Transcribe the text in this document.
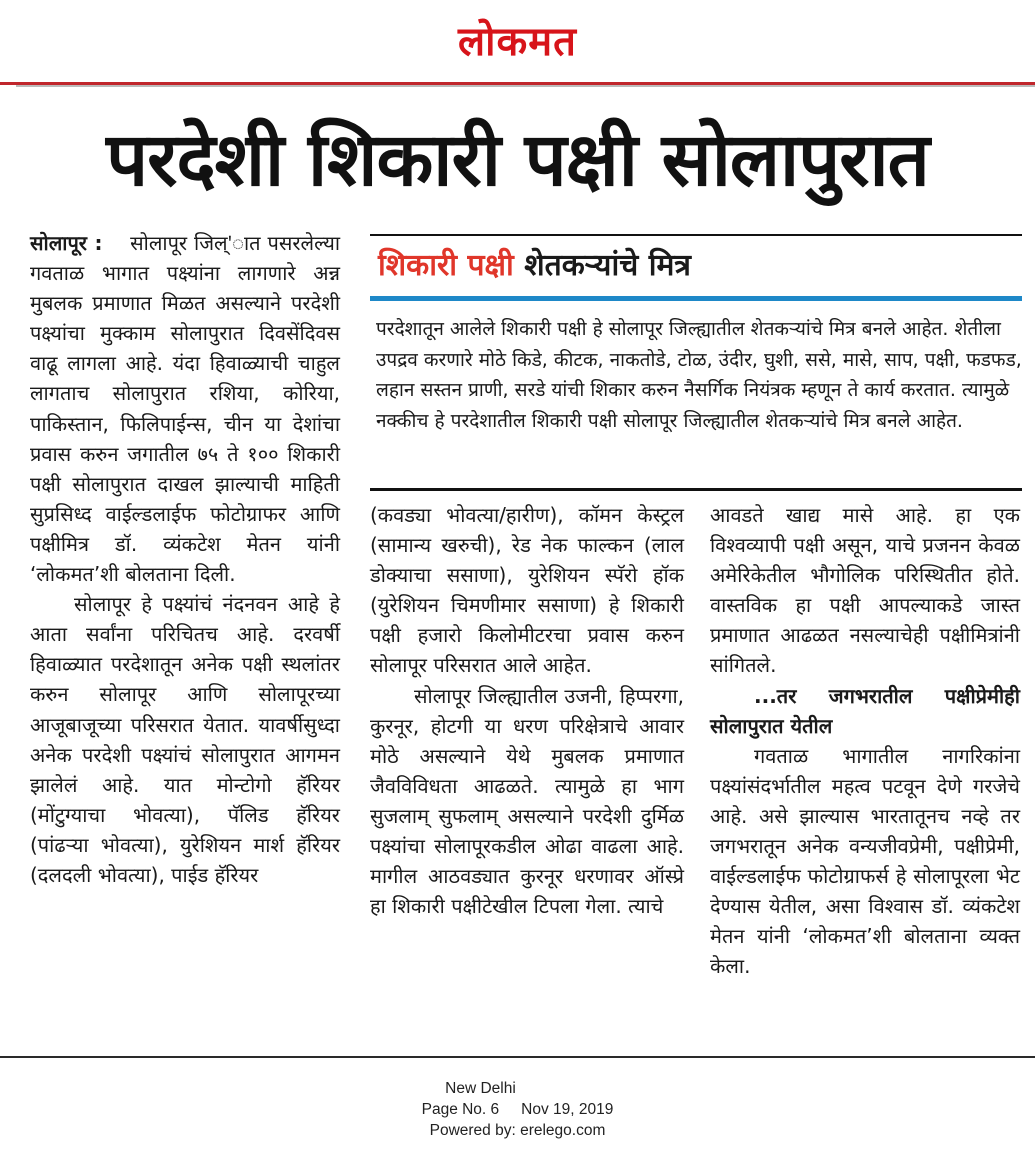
लोकमत
परदेशी शिकारी पक्षी सोलापुरात

सोलापूर : सोलापूर जिल्'ात पसरलेल्या गवताळ भागात पक्ष्यांना लागणारे अन्न मुबलक प्रमाणात मिळत असल्याने परदेशी पक्ष्यांचा मुक्काम सोलापुरात दिवसेंदिवस वाढू लागला आहे. यंदा हिवाळ्याची चाहुल लागताच सोलापुरात रशिया, कोरिया, पाकिस्तान, फिलिपाईन्स, चीन या देशांचा प्रवास करुन जगातील ७५ ते १०० शिकारी पक्षी सोलापुरात दाखल झाल्याची माहिती सुप्रसिध्द वाईल्डलाईफ फोटोग्राफर आणि पक्षीमित्र डॉ. व्यंकटेश मेतन यांनी ‘लोकमत’शी बोलताना दिली.

सोलापूर हे पक्ष्यांचं नंदनवन आहे हे आता सर्वांना परिचितच आहे. दरवर्षी हिवाळ्यात परदेशातून अनेक पक्षी स्थलांतर करुन सोलापूर आणि सोलापूरच्या आजूबाजूच्या परिसरात येतात. यावर्षीसुध्दा अनेक परदेशी पक्ष्यांचं सोलापुरात आगमन झालेलं आहे. यात मोन्टोगो हॅरियर (मोंटुग्याचा भोवत्या), पॅलिड हॅरियर (पांढऱ्या भोवत्या), युरेशियन मार्श हॅरियर (दलदली भोवत्या), पाईड हॅरियर

शिकारी पक्षी शेतकऱ्यांचे मित्र

परदेशातून आलेले शिकारी पक्षी हे सोलापूर जिल्ह्यातील शेतकऱ्यांचे मित्र बनले आहेत. शेतीला उपद्रव करणारे मोठे किडे, कीटक, नाकतोडे, टोळ, उंदीर, घुशी, ससे, मासे, साप, पक्षी, फडफड, लहान सस्तन प्राणी, सरडे यांची शिकार करुन नैसर्गिक नियंत्रक म्हणून ते कार्य करतात. त्यामुळे नक्कीच हे परदेशातील शिकारी पक्षी सोलापूर जिल्ह्यातील शेतकऱ्यांचे मित्र बनले आहेत.

(कवड्या भोवत्या/हारीण), कॉमन केस्ट्रल (सामान्य खरुची), रेड नेक फाल्कन (लाल डोक्याचा ससाणा), युरेशियन स्पॅरो हॉक (युरेशियन चिमणीमार ससाणा) हे शिकारी पक्षी हजारो किलोमीटरचा प्रवास करुन सोलापूर परिसरात आले आहेत.

सोलापूर जिल्ह्यातील उजनी, हिप्परगा, कुरनूर, होटगी या धरण परिक्षेत्राचे आवार मोठे असल्याने येथे मुबलक प्रमाणात जैवविविधता आढळते. त्यामुळे हा भाग सुजलाम् सुफलाम् असल्याने परदेशी दुर्मिळ पक्ष्यांचा सोलापूरकडील ओढा वाढला आहे. मागील आठवड्यात कुरनूर धरणावर ऑस्प्रे हा शिकारी पक्षीटेखील टिपला गेला. त्याचे

आवडते खाद्य मासे आहे. हा एक विश्वव्यापी पक्षी असून, याचे प्रजनन केवळ अमेरिकेतील भौगोलिक परिस्थितीत होते. वास्तविक हा पक्षी आपल्याकडे जास्त प्रमाणात आढळत नसल्याचेही पक्षीमित्रांनी सांगितले.

...तर जगभरातील पक्षीप्रेमीही सोलापुरात येतील

गवताळ भागातील नागरिकांना पक्ष्यांसंदर्भातील महत्व पटवून देणे गरजेचे आहे. असे झाल्यास भारतातूनच नव्हे तर जगभरातून अनेक वन्यजीवप्रेमी, पक्षीप्रेमी, वाईल्डलाईफ फोटोग्राफर्स हे सोलापूरला भेट देण्यास येतील, असा विश्वास डॉ. व्यंकटेश मेतन यांनी ‘लोकमत’शी बोलताना व्यक्त केला.

New Delhi
Page No. 6 Nov 19, 2019
Powered by: erelego.com
